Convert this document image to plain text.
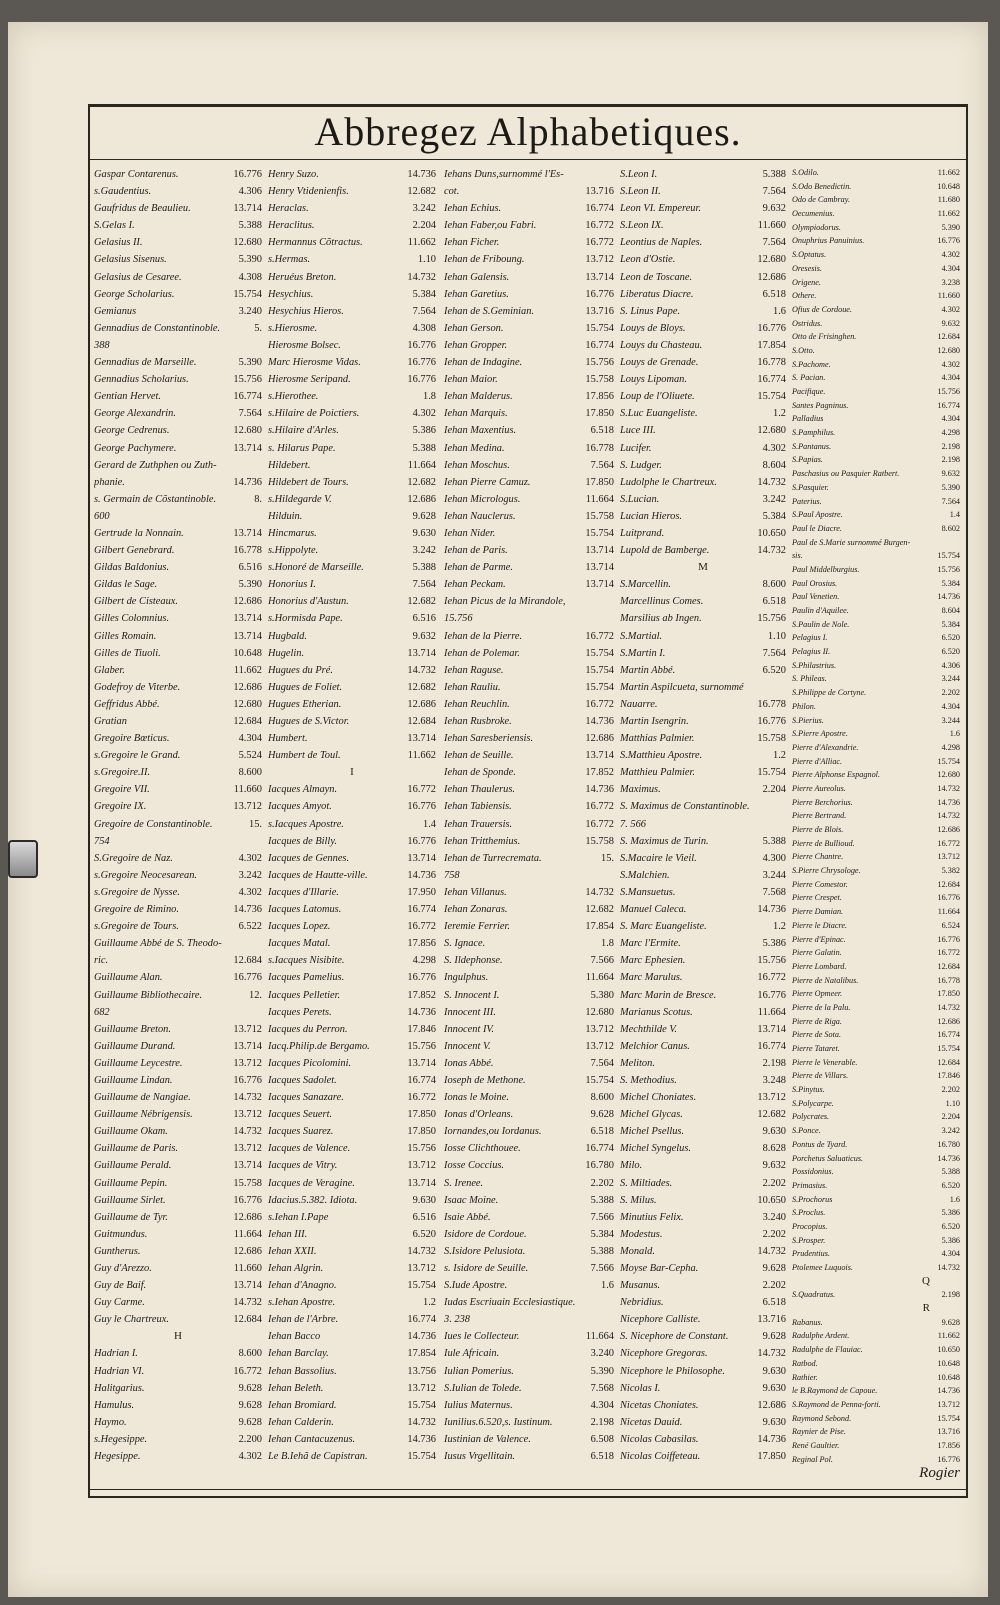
Abbregez Alphabetiques.
Gaspar Contarenus.	16.776
s.Gaudentius.	4.306
Gaufridus de Beaulieu.	13.714
S.Gelas I.	5.388
Gelasius II.	12.680
Gelasius Sisenus.	5.390
Gelasius de Cesaree.	4.308
George Scholarius.	15.754
Gemianus	3.240
Gennadius de Constantinoble.	5.
388
Gennadius de Marseille.	5.390
Gennadius Scholarius.	15.756
Gentian Hervet.	16.774
George Alexandrin.	7.564
George Cedrenus.	12.680
George Pachymere.	13.714
Gerard de Zuthphen ou Zuth-
phanie.	14.736
s. Germain de Cõstantinoble.	8.
600
Gertrude la Nonnain.	13.714
Gilbert Genebrard.	16.778
Gildas Baldonius.	6.516
Gildas le Sage.	5.390
Gilbert de Cisteaux.	12.686
Gilles Colomnius.	13.714
Gilles Romain.	13.714
Gilles de Tiuoli.	10.648
Glaber.	11.662
Godefroy de Viterbe.	12.686
Geffridus Abbé.	12.680
Gratian	12.684
Gregoire Bœticus.	4.304
s.Gregoire le Grand.	5.524
s.Gregoire.II.	8.600
Gregoire VII.	11.660
Gregoire IX.	13.712
Gregoire de Constantinoble.	15.
754
S.Gregoire de Naz.	4.302
s.Gregoire Neocesarean.	3.242
s.Gregoire de Nysse.	4.302
Gregoire de Rimino.	14.736
s.Gregoire de Tours.	6.522
Guillaume Abbé de S. Theodo-
ric.	12.684
Guillaume Alan.	16.776
Guillaume Bibliothecaire.	12.
682
Guillaume Breton.	13.712
Guillaume Durand.	13.714
Guillaume Leycestre.	13.712
Guillaume Lindan.	16.776
Guillaume de Nangiae.	14.732
Guillaume Nébrigensis.	13.712
Guillaume Okam.	14.732
Guillaume de Paris.	13.712
Guillaume Perald.	13.714
Guillaume Pepin.	15.758
Guillaume Sirlet.	16.776
Guillaume de Tyr.	12.686
Guitmundus.	11.664
Guntherus.	12.686
Guy d'Arezzo.	11.660
Guy de Baif.	13.714
Guy Carme.	14.732
Guy le Chartreux.	12.684
H
Hadrian I.	8.600
Hadrian VI.	16.772
Halitgarius.	9.628
Hamulus.	9.628
Haymo.	9.628
s.Hegesippe.	2.200
Hegesippe.	4.302
Henry Suzo.	14.736
Henry Vtidenienfis.	12.682
Heraclas.	3.242
Heraclitus.	2.204
Hermannus Cõtractus.	11.662
s.Hermas.	1.10
Heruéus Breton.	14.732
Hesychius.	5.384
Hesychius Hieros.	7.564
s.Hierosme.	4.308
Hierosme Bolsec.	16.776
Marc Hierosme Vidas.	16.776
Hierosme Seripand.	16.776
s.Hierothee.	1.8
s.Hilaire de Poictiers.	4.302
s.Hilaire d'Arles.	5.386
s. Hilarus Pape.	5.388
Hildebert.	11.664
Hildebert de Tours.	12.682
s.Hildegarde V.	12.686
Hilduin.	9.628
Hincmarus.	9.630
s.Hippolyte.	3.242
s.Honoré de Marseille.	5.388
Honorius I.	7.564
Honorius d'Austun.	12.682
s.Hormisda Pape.	6.516
Hugbald.	9.632
Hugelin.	13.714
Hugues du Pré.	14.732
Hugues de Foliet.	12.682
Hugues Etherian.	12.686
Hugues de S.Victor.	12.684
Humbert.	13.714
Humbert de Toul.	11.662
I
Iacques Almayn.	16.772
Iacques Amyot.	16.776
s.Iacques Apostre.	1.4
Iacques de Billy.	16.776
Iacques de Gennes.	13.714
Iacques de Hautte-ville.	14.736
Iacques d'Illarie.	17.950
Iacques Latomus.	16.774
Iacques Lopez.	16.772
Iacques Matal.	17.856
s.Iacques Nisibite.	4.298
Iacques Pamelius.	16.776
Iacques Pelletier.	17.852
Iacques Perets.	14.736
Iacques du Perron.	17.846
Iacq.Philip.de Bergamo.	15.756
Iacques Picolomini.	13.714
Iacques Sadolet.	16.774
Iacques Sanazare.	16.772
Iacques Seuert.	17.850
Iacques Suarez.	17.850
Iacques de Valence.	15.756
Iacques de Vitry.	13.712
Iacques de Veragine.	13.714
Idacius.5.382. Idiota.	9.630
s.Iehan I.Pape	6.516
Iehan III.	6.520
Iehan XXII.	14.732
Iehan Algrin.	13.712
Iehan d'Anagno.	15.754
s.Iehan Apostre.	1.2
Iehan de l'Arbre.	16.774
Iehan Bacco	14.736
Iehan Barclay.	17.854
Iehan Bassolius.	13.756
Iehan Beleth.	13.712
Iehan Bromiard.	15.754
Iehan Calderin.	14.732
Iehan Cantacuzenus.	14.736
Le B.Iehã de Capistran.	15.754
Iehans Duns,surnommé l'Es-
cot.	13.716
Iehan Echius.	16.774
Iehan Faber,ou Fabri.	16.772
Iehan Ficher.	16.772
Iehan de Friboung.	13.712
Iehan Galensis.	13.714
Iehan Garetius.	16.776
Iehan de S.Geminian.	13.716
Iehan Gerson.	15.754
Iehan Gropper.	16.774
Iehan de Indagine.	15.756
Iehan Maior.	15.758
Iehan Malderus.	17.856
Iehan Marquis.	17.850
Iehan Maxentius.	6.518
Iehan Medina.	16.778
Iehan Moschus.	7.564
Iehan Pierre Camuz.	17.850
Iehan Micrologus.	11.664
Iehan Nauclerus.	15.758
Iehan Nider.	15.754
Iehan de Paris.	13.714
Iehan de Parme.	13.714
Iehan Peckam.	13.714
Iehan Picus de la Mirandole,
15.756
Iehan de la Pierre.	16.772
Iehan de Polemar.	15.754
Iehan Raguse.	15.754
Iehan Rauliu.	15.754
Iehan Reuchlin.	16.772
Iehan Rusbroke.	14.736
Iehan Saresberiensis.	12.686
Iehan de Seuille.	13.714
Iehan de Sponde.	17.852
Iehan Thaulerus.	14.736
Iehan Tabiensis.	16.772
Iehan Trauersis.	16.772
Iehan Tritthemius.	15.758
Iehan de Turrecremata.	15.
758
Iehan Villanus.	14.732
Iehan Zonaras.	12.682
Ieremie Ferrier.	17.854
S. Ignace.	1.8
S. Ildephonse.	7.566
Ingulphus.	11.664
S. Innocent I.	5.380
Innocent III.	12.680
Innocent IV.	13.712
Innocent V.	13.712
Ionas Abbé.	7.564
Ioseph de Methone.	15.754
Ionas le Moine.	8.600
Ionas d'Orleans.	9.628
Iornandes,ou Iordanus.	6.518
Iosse Clichthouee.	16.774
Iosse Coccius.	16.780
S. Irenee.	2.202
Isaac Moine.	5.388
Isaie Abbé.	7.566
Isidore de Cordoue.	5.384
S.Isidore Pelusiota.	5.388
s. Isidore de Seuille.	7.566
S.Iude Apostre.	1.6
Iudas Escriuain Ecclesiastique.
3. 238
Iues le Collecteur.	11.664
Iule Africain.	3.240
Iulian Pomerius.	5.390
S.Iulian de Tolede.	7.568
Iulius Maternus.	4.304
Iunilius.6.520,s. Iustinum.	2.198
Iustinian de Valence.	6.508
Iusus Vrgellitain.	6.518
S.Leon I.	5.388
S.Leon II.	7.564
Leon VI. Empereur.	9.632
S.Leon IX.	11.660
Leontius de Naples.	7.564
Leon d'Ostie.	12.680
Leon de Toscane.	12.686
Liberatus Diacre.	6.518
S. Linus Pape.	1.6
Louys de Bloys.	16.776
Louys du Chasteau.	17.854
Louys de Grenade.	16.778
Louys Lipoman.	16.774
Loup de l'Oliuete.	15.754
S.Luc Euangeliste.	1.2
Luce III.	12.680
Lucifer.	4.302
S. Ludger.	8.604
Ludolphe le Chartreux.	14.732
S.Lucian.	3.242
Lucian Hieros.	5.384
Luitprand.	10.650
Lupold de Bamberge.	14.732
M
S.Marcellin.	8.600
Marcellinus Comes.	6.518
Marsilius ab Ingen.	15.756
S.Martial.	1.10
S.Martin I.	7.564
Martin Abbé.	6.520
Martin Aspilcueta, surnommé
Nauarre.	16.778
Martin Isengrin.	16.776
Matthias Palmier.	15.758
S.Matthieu Apostre.	1.2
Matthieu Palmier.	15.754
Maximus.	2.204
S. Maximus de Constantinoble.
7. 566
S. Maximus de Turin.	5.388
S.Macaire le Vieil.	4.300
S.Malchien.	3.244
S.Mansuetus.	7.568
Manuel Caleca.	14.736
S. Marc Euangeliste.	1.2
Marc l'Ermite.	5.386
Marc Ephesien.	15.756
Marc Marulus.	16.772
Marc Marin de Bresce.	16.776
Marianus Scotus.	11.664
Mechthilde V.	13.714
Melchior Canus.	16.774
Meliton.	2.198
S. Methodius.	3.248
Michel Choniates.	13.712
Michel Glycas.	12.682
Michel Psellus.	9.630
Michel Syngelus.	8.628
Milo.	9.632
S. Miltiades.	2.202
S. Milus.	10.650
Minutius Felix.	3.240
Modestus.	2.202
Monald.	14.732
Moyse Bar-Cepha.	9.628
Musanus.	2.202
Nebridius.	6.518
Nicephore Calliste.	13.716
S. Nicephore de Constant.	9.628
Nicephore Gregoras.	14.732
Nicephore le Philosophe.	9.630
Nicolas I.	9.630
Nicetas Choniates.	12.686
Nicetas Dauid.	9.630
Nicolas Cabasilas.	14.736
Nicolas Coiffeteau.	17.850
S.Odilo.	11.662
S.Odo Benedictin.	10.648
Odo de Cambray.	11.680
Oecumenius.	11.662
Olympiodorus.	5.390
Onuphrius Panuinius.	16.776
S.Optatus.	4.302
Oresesis.	4.304
Origene.	3.238
Othere.	11.660
Ofius de Cordoue.	4.302
Ostridus.	9.632
Otto de Frisinghen.	12.684
S.Otto.	12.680
S.Pachome.	4.302
S. Pacian.	4.304
Pacifique.	15.756
Santes Pagninus.	16.774
Palladius	4.304
S.Pamphilus.	4.298
S.Pantanus.	2.198
S.Papias.	2.198
Paschasius ou Pasquier Ratbert.	9.632
S.Pasquier.	5.390
Paterius.	7.564
S.Paul Apostre.	1.4
Paul le Diacre.	8.602
Paul de S.Marie surnommé Burgen-
sis.	15.754
Paul Middelburgius.	15.756
Paul Orosius.	5.384
Paul Venetien.	14.736
Paulin d'Aquilee.	8.604
S.Paulin de Nole.	5.384
Pelagius I.	6.520
Pelagius II.	6.520
S.Philastrius.	4.306
S. Phileas.	3.244
S.Philippe de Cortyne.	2.202
Philon.	4.304
S.Pierius.	3.244
S.Pierre Apostre.	1.6
Pierre d'Alexandrie.	4.298
Pierre d'Alliac.	15.754
Pierre Alphonse Espagnol.	12.680
Pierre Aureolus.	14.732
Pierre Berchorius.	14.736
Pierre Bertrand.	14.732
Pierre de Blois.	12.686
Pierre de Bullioud.	16.772
Pierre Chantre.	13.712
S.Pierre Chrysologe.	5.382
Pierre Comestor.	12.684
Pierre Crespet.	16.776
Pierre Damian.	11.664
Pierre le Diacre.	6.524
Pierre d'Epinac.	16.776
Pierre Galatin.	16.772
Pierre Lombard.	12.684
Pierre de Natalibus.	16.778
Pierre Opmeer.	17.850
Pierre de la Palu.	14.732
Pierre de Riga.	12.686
Pierre de Sota.	16.774
Pierre Tataret.	15.754
Pierre le Venerable.	12.684
Pierre de Villars.	17.846
S.Pinytus.	2.202
S.Polycarpe.	1.10
Polycrates.	2.204
S.Ponce.	3.242
Pontus de Tyard.	16.780
Porchetus Saluaticus.	14.736
Possidonius.	5.388
Primasius.	6.520
S.Prochorus	1.6
S.Proclus.	5.386
Procopius.	6.520
S.Prosper.	5.386
Prudentius.	4.304
Ptolemee Luquois.	14.732
Q
S.Quadratus.	2.198
R
Rabanus.	9.628
Radulphe Ardent.	11.662
Radulphe de Flauiac.	10.650
Ratbod.	10.648
Rathier.	10.648
le B.Raymond de Capoue.	14.736
S.Raymond de Penna-forti.	13.712
Raymond Sebond.	15.754
Raynier de Pise.	13.716
René Gaultier.	17.856
Reginal Pol.	16.776
Rogier
